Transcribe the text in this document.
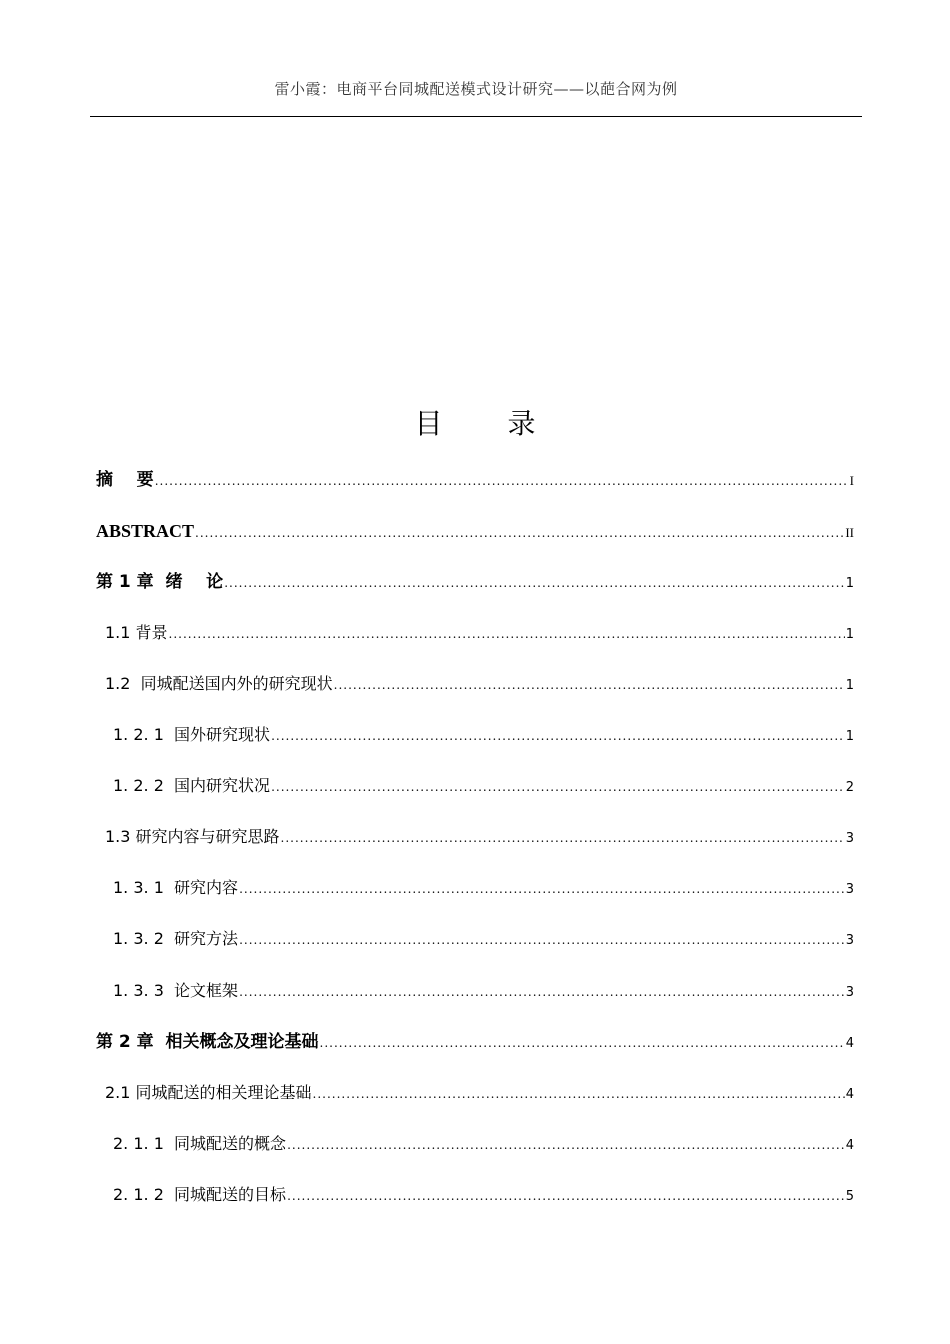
雷小霞：电商平台同城配送模式设计研究——以葩合网为例
目 录
摘    要 .....	I
ABSTRACT .....	II
第 1 章  绪    论 .....	1
1.1 背景 .....	1
1.2  同城配送国内外的研究现状 .....	1
1. 2. 1  国外研究现状 .....	1
1. 2. 2  国内研究状况 .....	2
1.3 研究内容与研究思路 .....	3
1. 3. 1  研究内容 .....	3
1. 3. 2  研究方法 .....	3
1. 3. 3  论文框架 .....	3
第 2 章  相关概念及理论基础 .....	4
2.1 同城配送的相关理论基础 .....	4
2. 1. 1  同城配送的概念 .....	4
2. 1. 2  同城配送的目标 .....	5
